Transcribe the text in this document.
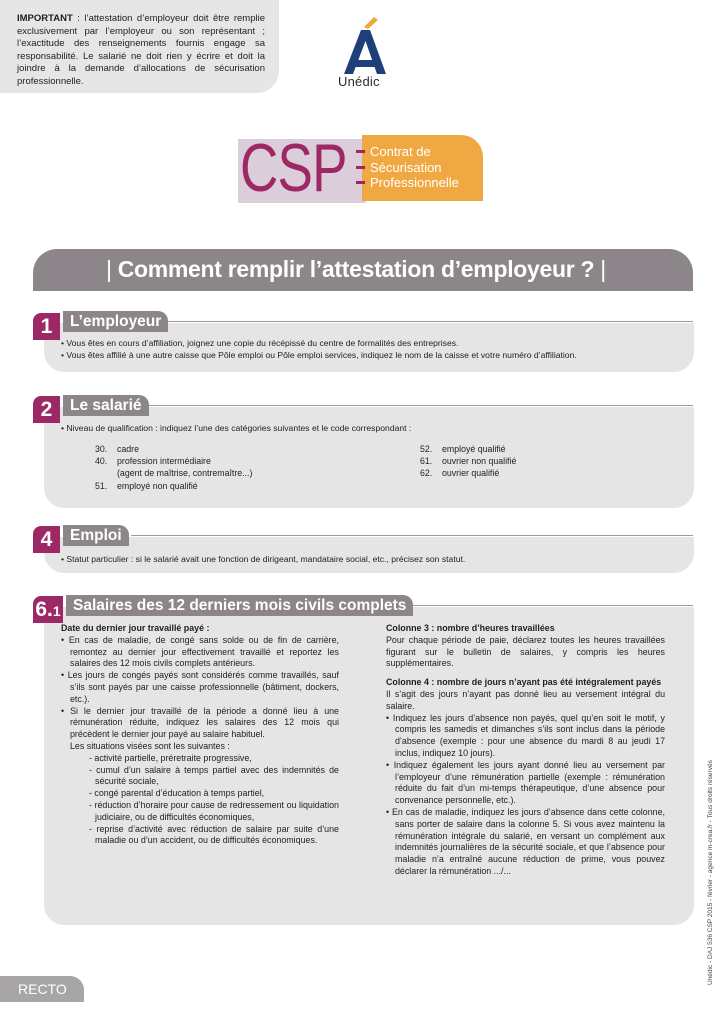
IMPORTANT : l’attestation d’employeur doit être remplie exclusivement par l’employeur ou son représentant ; l’exactitude des renseignements fournis engage sa responsabilité. Le salarié ne doit rien y écrire et doit la joindre à la demande d’allocations de sécurisation professionnelle.	Unédic
CSP Contrat de
Sécurisation
Professionnelle
| Comment remplir l’attestation d’employeur ? |
1	L’employeur
• Vous êtes en cours d’affiliation, joignez une copie du récépissé du centre de formalités des entreprises.
• Vous êtes affilié à une autre caisse que Pôle emploi ou Pôle emploi services, indiquez le nom de la caisse et votre numéro d’affiliation.
2	Le salarié
• Niveau de qualification : indiquez l’une des catégories suivantes et le code correspondant :
30.	cadre
40.	profession intermédiaire
(agent de maîtrise, contremaître...)
51.	employé non qualifié
52.	employé qualifié
61.	ouvrier non qualifié
62.	ouvrier qualifié
4	Emploi
• Statut particulier : si le salarié avait une fonction de dirigeant, mandataire social, etc., précisez son statut.
6.1 Salaires des 12 derniers mois civils complets
Date du dernier jour travaillé payé :
• En cas de maladie, de congé sans solde ou de fin de carrière, remontez au dernier jour effectivement travaillé et reportez les salaires des 12 mois civils complets antérieurs.
• Les jours de congés payés sont considérés comme travaillés, sauf s’ils sont payés par une caisse professionnelle (bâtiment, dockers, etc.).
• Si le dernier jour travaillé de la période a donné lieu à une rémunération réduite, indiquez les salaires des 12 mois qui précèdent le dernier jour payé au salaire habituel.
Les situations visées sont les suivantes :
- activité partielle, préretraite progressive,
- cumul d’un salaire à temps partiel avec des indemnités de sécurité sociale,
- congé parental d’éducation à temps partiel,
- réduction d’horaire pour cause de redressement ou liquidation judiciaire, ou de difficultés économiques,
- reprise d’activité avec réduction de salaire par suite d’une maladie ou d’un accident, ou de difficultés économiques.
Colonne 3 : nombre d’heures travaillées
Pour chaque période de paie, déclarez toutes les heures travaillées figurant sur le bulletin de salaires, y compris les heures supplémentaires.
Colonne 4 : nombre de jours n’ayant pas été intégralement payés
Il s’agit des jours n’ayant pas donné lieu au versement intégral du salaire.
• Indiquez les jours d’absence non payés, quel qu’en soit le motif, y compris les samedis et dimanches s’ils sont inclus dans la période d’absence (exemple : pour une absence du mardi 8 au jeudi 17 inclus, indiquez 10 jours).
• Indiquez également les jours ayant donné lieu au versement par l’employeur d’une rémunération partielle (exemple : rémunération réduite du fait d’un mi-temps thérapeutique, d’une absence pour convenance personnelle, etc.).
• En cas de maladie, indiquez les jours d’absence dans cette colonne, sans porter de salaire dans la colonne 5. Si vous avez maintenu la rémunération intégrale du salarié, en versant un complément aux indemnités journalières de la sécurité sociale, et que l’absence pour maladie n’a entraîné aucune réduction de prime, vous pouvez déclarer la rémunération .../...	Unédic - DAJ 536 CSP 2015 - février - agence m-crea.fr - Tous droits réservés
RECTO
